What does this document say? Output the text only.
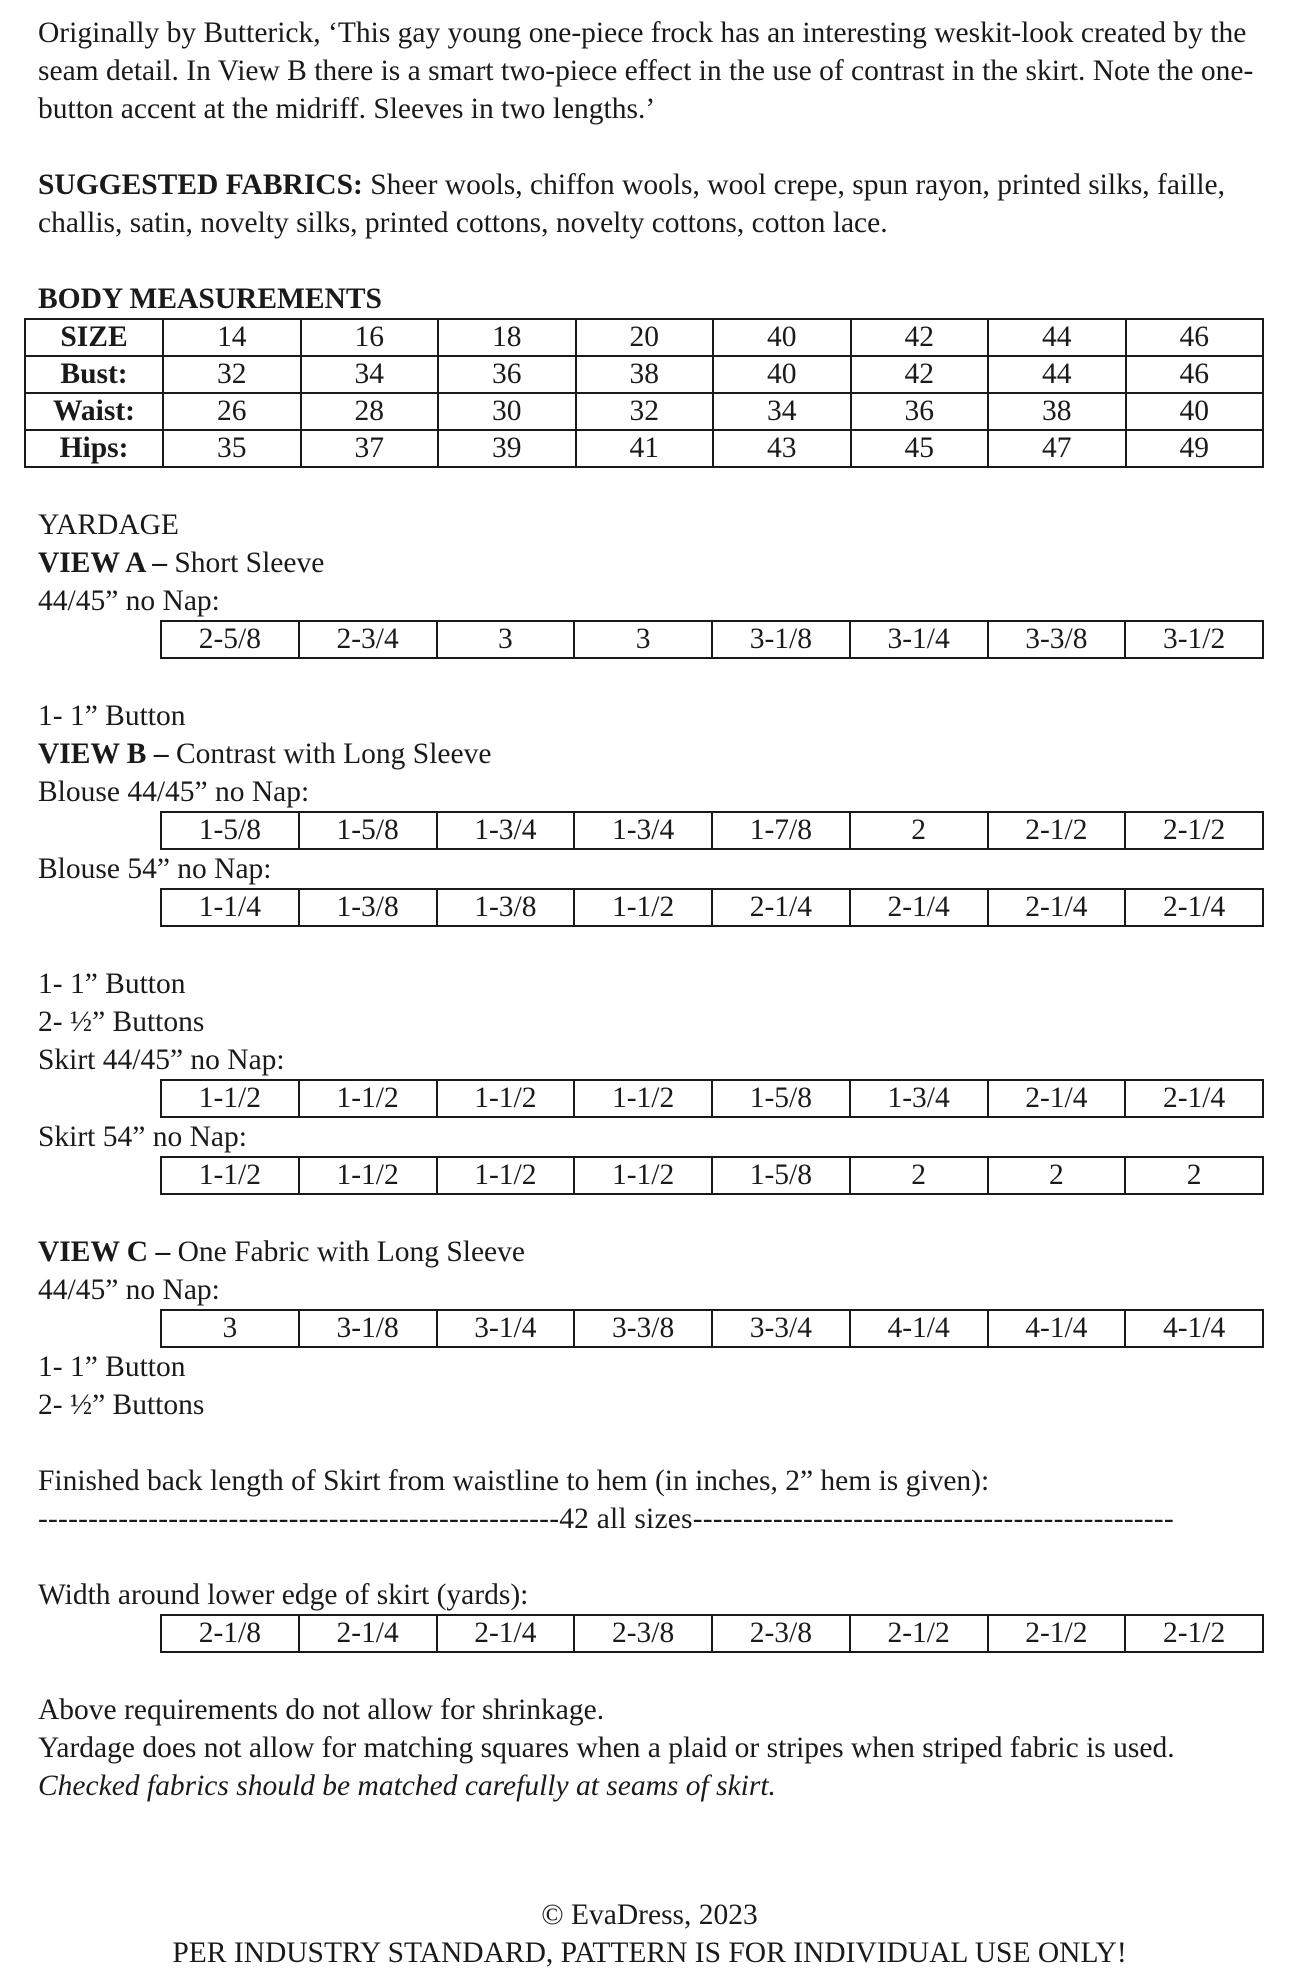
Originally by Butterick, ‘This gay young one-piece frock has an interesting weskit-look created by the seam detail. In View B there is a smart two-piece effect in the use of contrast in the skirt. Note the one-button accent at the midriff. Sleeves in two lengths.’

SUGGESTED FABRICS: Sheer wools, chiffon wools, wool crepe, spun rayon, printed silks, faille, challis, satin, novelty silks, printed cottons, novelty cottons, cotton lace.

BODY MEASUREMENTS

SIZE	14	16	18	20	40	42	44	46
Bust:	32	34	36	38	40	42	44	46
Waist:	26	28	30	32	34	36	38	40
Hips:	35	37	39	41	43	45	47	49

YARDAGE

VIEW A – Short Sleeve

44/45” no Nap:

2-5/8	2-3/4	3	3	3-1/8	3-1/4	3-3/8	3-1/2

1- 1” Button

VIEW B – Contrast with Long Sleeve

Blouse 44/45” no Nap:

1-5/8	1-5/8	1-3/4	1-3/4	1-7/8	2	2-1/2	2-1/2

Blouse 54” no Nap:

1-1/4	1-3/8	1-3/8	1-1/2	2-1/4	2-1/4	2-1/4	2-1/4

1- 1” Button

2- ½” Buttons

Skirt 44/45” no Nap:

1-1/2	1-1/2	1-1/2	1-1/2	1-5/8	1-3/4	2-1/4	2-1/4

Skirt 54” no Nap:

1-1/2	1-1/2	1-1/2	1-1/2	1-5/8	2	2	2

VIEW C – One Fabric with Long Sleeve

44/45” no Nap:

3	3-1/8	3-1/4	3-3/8	3-3/4	4-1/4	4-1/4	4-1/4

1- 1” Button

2- ½” Buttons

Finished back length of Skirt from waistline to hem (in inches, 2” hem is given):

----------------------------------------------------42 all sizes------------------------------------------------

Width around lower edge of skirt (yards):

2-1/8	2-1/4	2-1/4	2-3/8	2-3/8	2-1/2	2-1/2	2-1/2

Above requirements do not allow for shrinkage.

Yardage does not allow for matching squares when a plaid or stripes when striped fabric is used. Checked fabrics should be matched carefully at seams of skirt.

© EvaDress, 2023

PER INDUSTRY STANDARD, PATTERN IS FOR INDIVIDUAL USE ONLY!
